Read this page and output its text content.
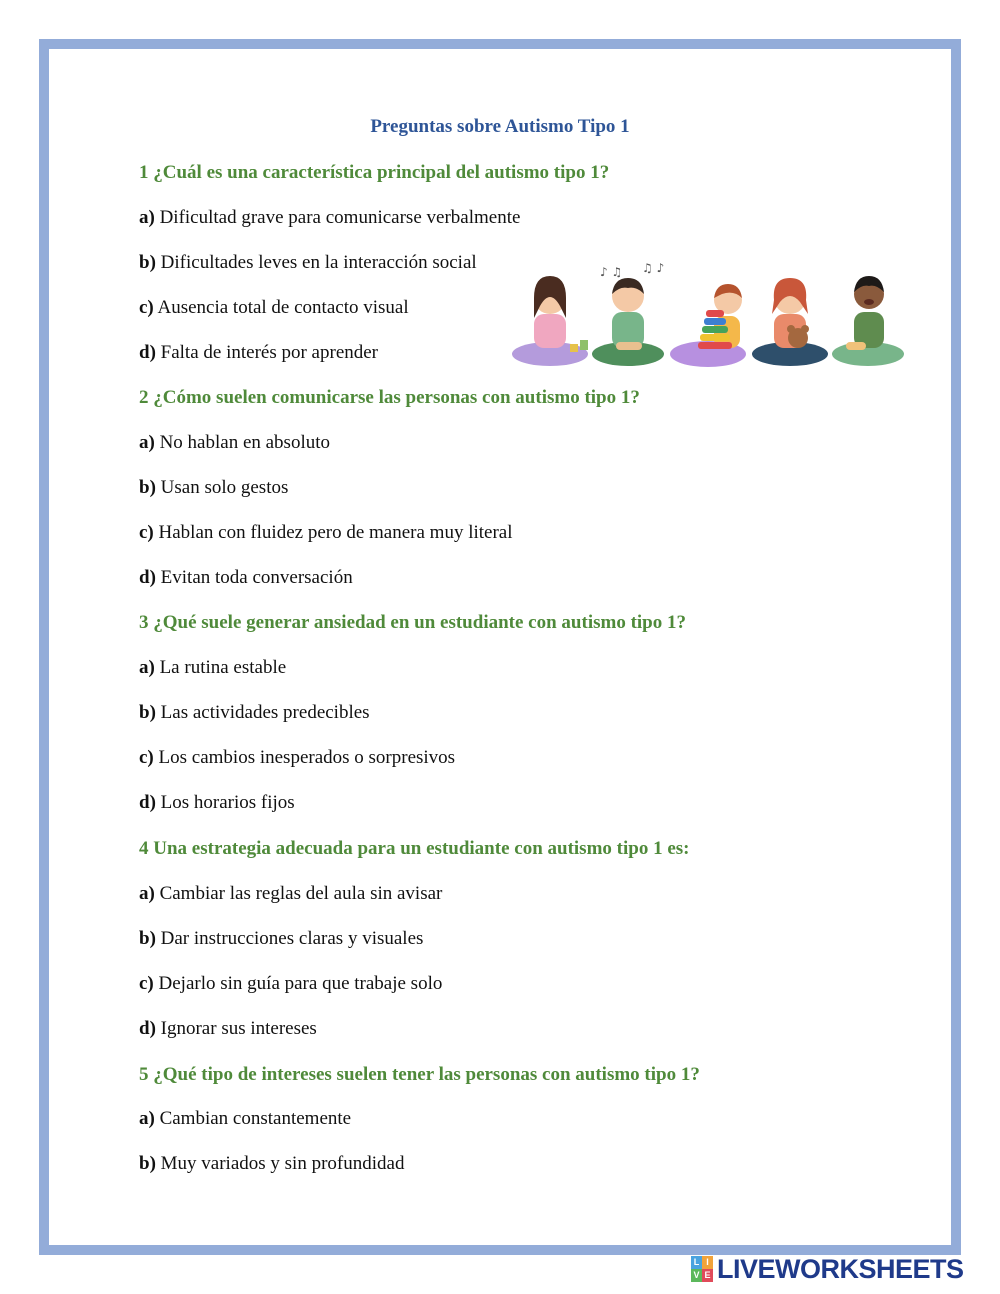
Preguntas sobre Autismo Tipo 1
1 ¿Cuál es una característica principal del autismo tipo 1?
a) Dificultad grave para comunicarse verbalmente
b) Dificultades leves en la interacción social
c) Ausencia total de contacto visual
d) Falta de interés por aprender
2 ¿Cómo suelen comunicarse las personas con autismo tipo 1?
a) No hablan en absoluto
b) Usan solo gestos
c) Hablan con fluidez pero de manera muy literal
d) Evitan toda conversación
3 ¿Qué suele generar ansiedad en un estudiante con autismo tipo 1?
a) La rutina estable
b) Las actividades predecibles
c) Los cambios inesperados o sorpresivos
d) Los horarios fijos
4 Una estrategia adecuada para un estudiante con autismo tipo 1 es:
a) Cambiar las reglas del aula sin avisar
b) Dar instrucciones claras y visuales
c) Dejarlo sin guía para que trabaje solo
d) Ignorar sus intereses
5 ¿Qué tipo de intereses suelen tener las personas con autismo tipo 1?
a) Cambian constantemente
b) Muy variados y sin profundidad
♪ ♫ ♫ ♪
L I
V E LIVEWORKSHEETS
